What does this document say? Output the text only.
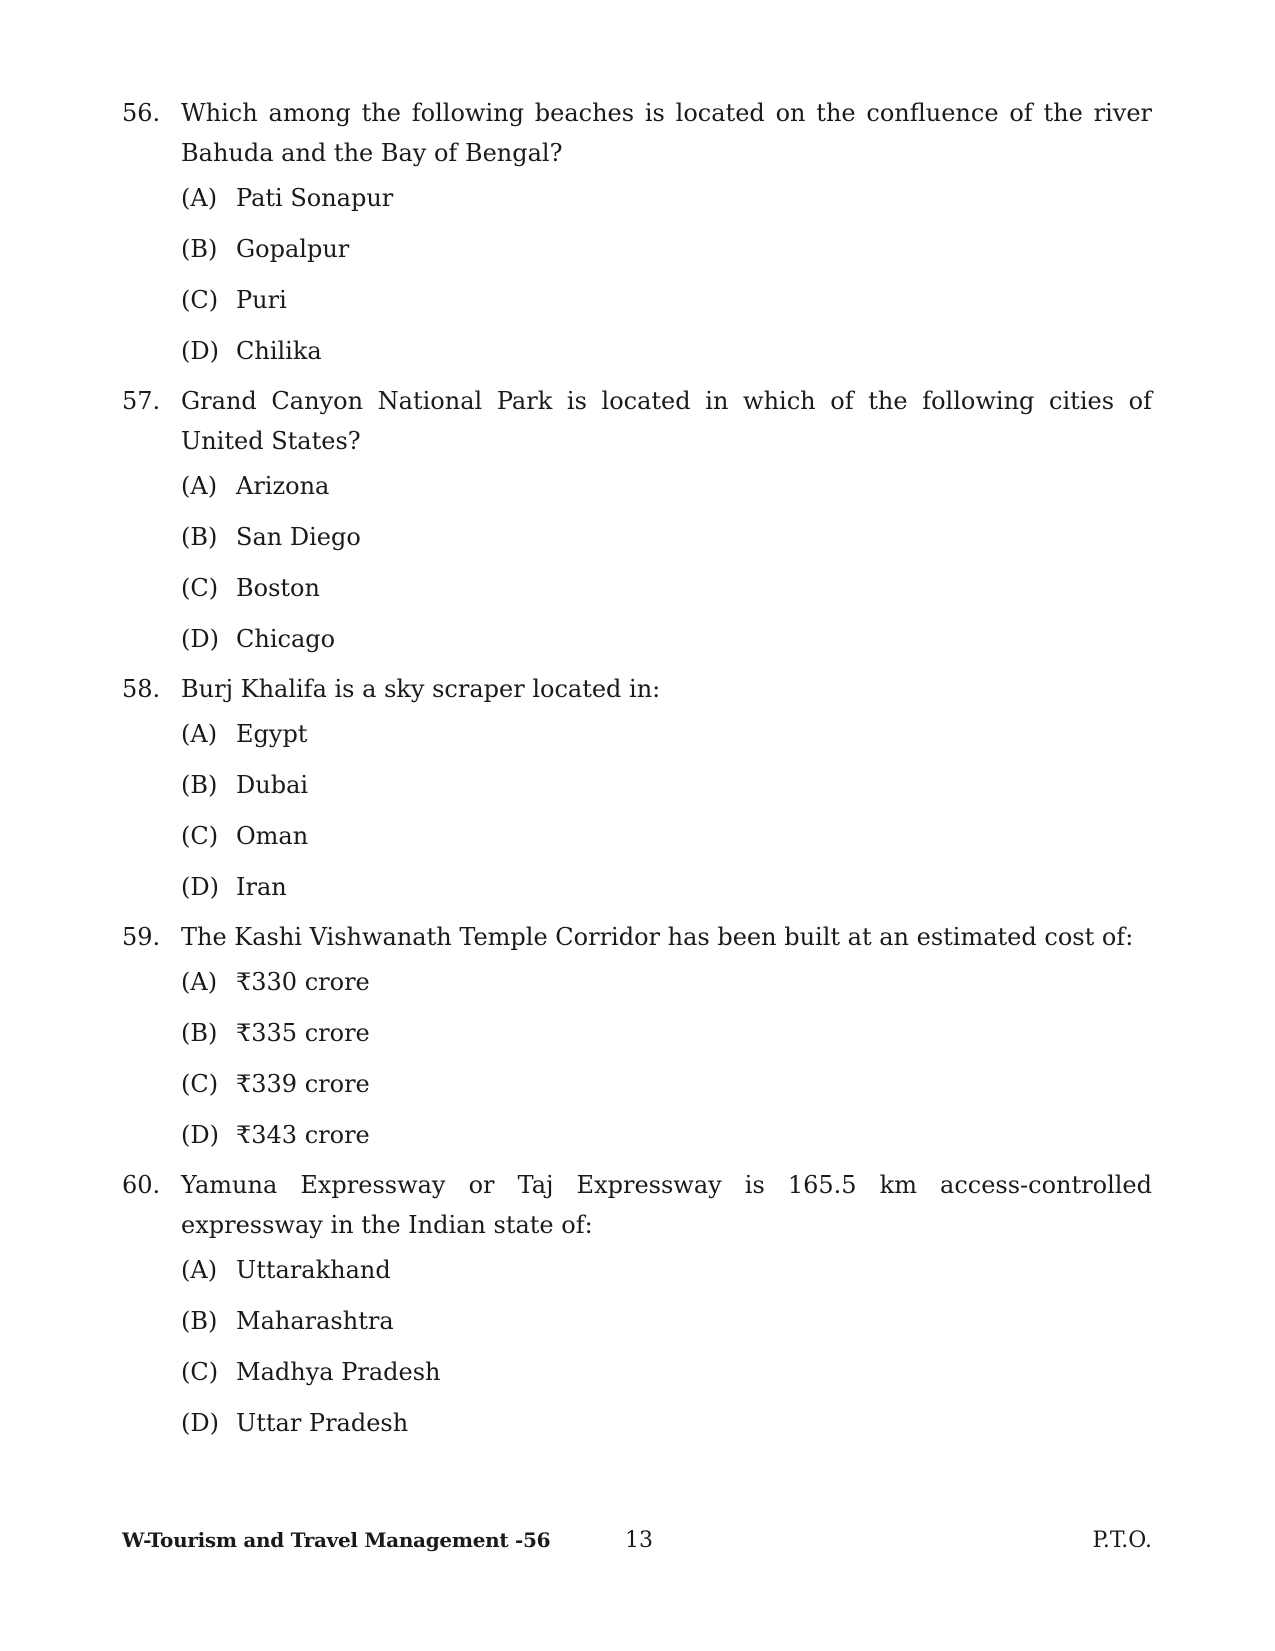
56. Which among the following beaches is located on the confluence of the river Bahuda and the Bay of Bengal?
(A) Pati Sonapur
(B) Gopalpur
(C) Puri
(D) Chilika
57. Grand Canyon National Park is located in which of the following cities of United States?
(A) Arizona
(B) San Diego
(C) Boston
(D) Chicago
58. Burj Khalifa is a sky scraper located in:
(A) Egypt
(B) Dubai
(C) Oman
(D) Iran
59. The Kashi Vishwanath Temple Corridor has been built at an estimated cost of:
(A) ₹330 crore
(B) ₹335 crore
(C) ₹339 crore
(D) ₹343 crore
60. Yamuna Expressway or Taj Expressway is 165.5 km access-controlled expressway in the Indian state of:
(A) Uttarakhand
(B) Maharashtra
(C) Madhya Pradesh
(D) Uttar Pradesh
W-Tourism and Travel Management -56	13	P.T.O.
